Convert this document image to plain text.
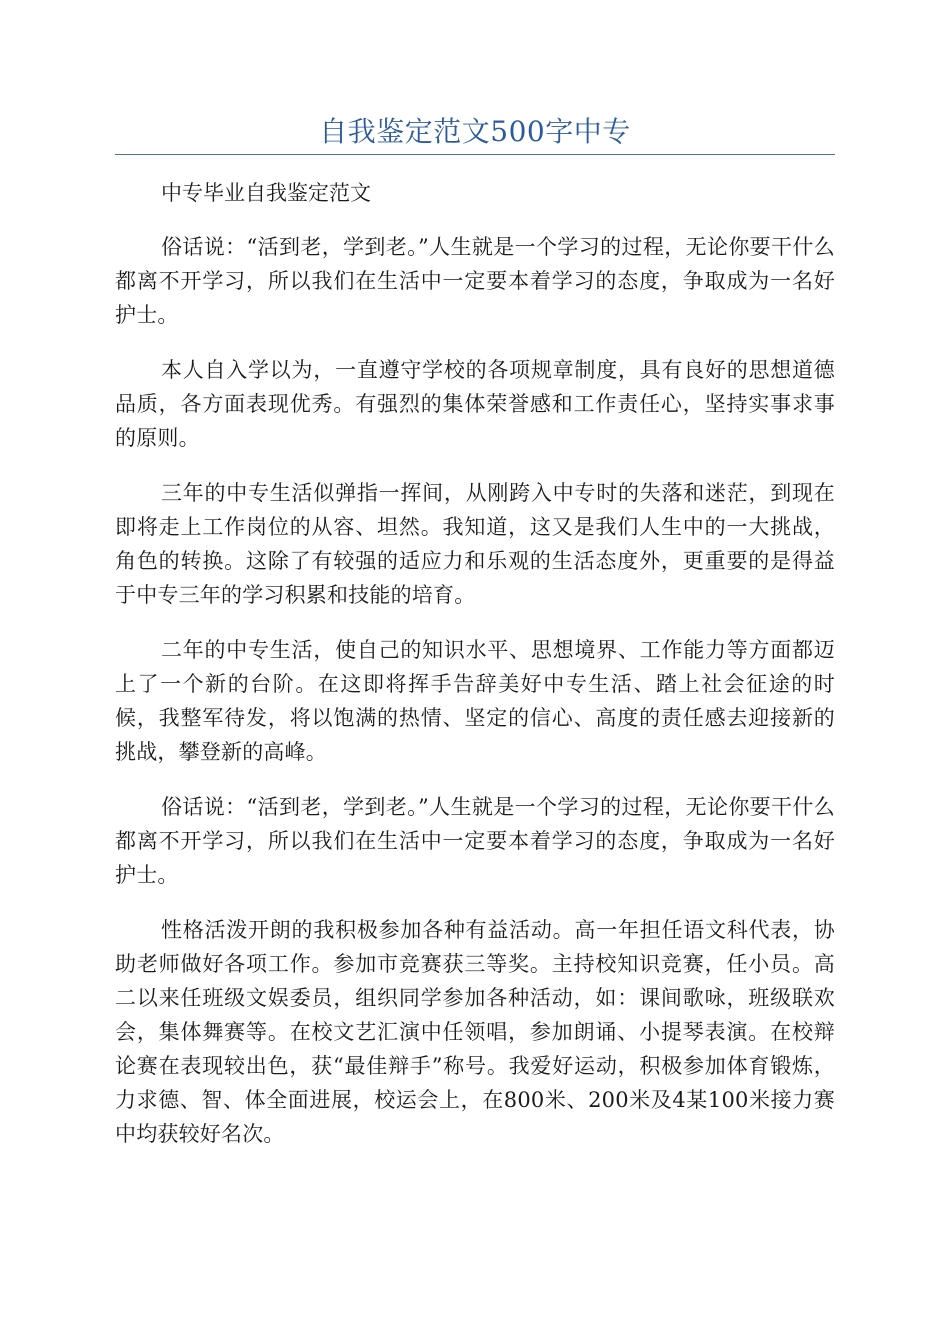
自我鉴定范文500字中专

中专毕业自我鉴定范文

俗话说：“活到老，学到老。”人生就是一个学习的过程，无论你要干什么都离不开学习，所以我们在生活中一定要本着学习的态度，争取成为一名好护士。

本人自入学以为，一直遵守学校的各项规章制度，具有良好的思想道德品质，各方面表现优秀。有强烈的集体荣誉感和工作责任心，坚持实事求事的原则。

三年的中专生活似弹指一挥间，从刚跨入中专时的失落和迷茫，到现在即将走上工作岗位的从容、坦然。我知道，这又是我们人生中的一大挑战，角色的转换。这除了有较强的适应力和乐观的生活态度外，更重要的是得益于中专三年的学习积累和技能的培育。

二年的中专生活，使自己的知识水平、思想境界、工作能力等方面都迈上了一个新的台阶。在这即将挥手告辞美好中专生活、踏上社会征途的时候，我整军待发，将以饱满的热情、坚定的信心、高度的责任感去迎接新的挑战，攀登新的高峰。

俗话说：“活到老，学到老。”人生就是一个学习的过程，无论你要干什么都离不开学习，所以我们在生活中一定要本着学习的态度，争取成为一名好护士。

性格活泼开朗的我积极参加各种有益活动。高一年担任语文科代表，协助老师做好各项工作。参加市竞赛获三等奖。主持校知识竞赛，任小员。高二以来任班级文娱委员，组织同学参加各种活动，如：课间歌咏，班级联欢会，集体舞赛等。在校文艺汇演中任领唱，参加朗诵、小提琴表演。在校辩论赛在表现较出色，获“最佳辩手”称号。我爱好运动，积极参加体育锻炼，力求德、智、体全面进展，校运会上，在800米、200米及4某100米接力赛中均获较好名次。
